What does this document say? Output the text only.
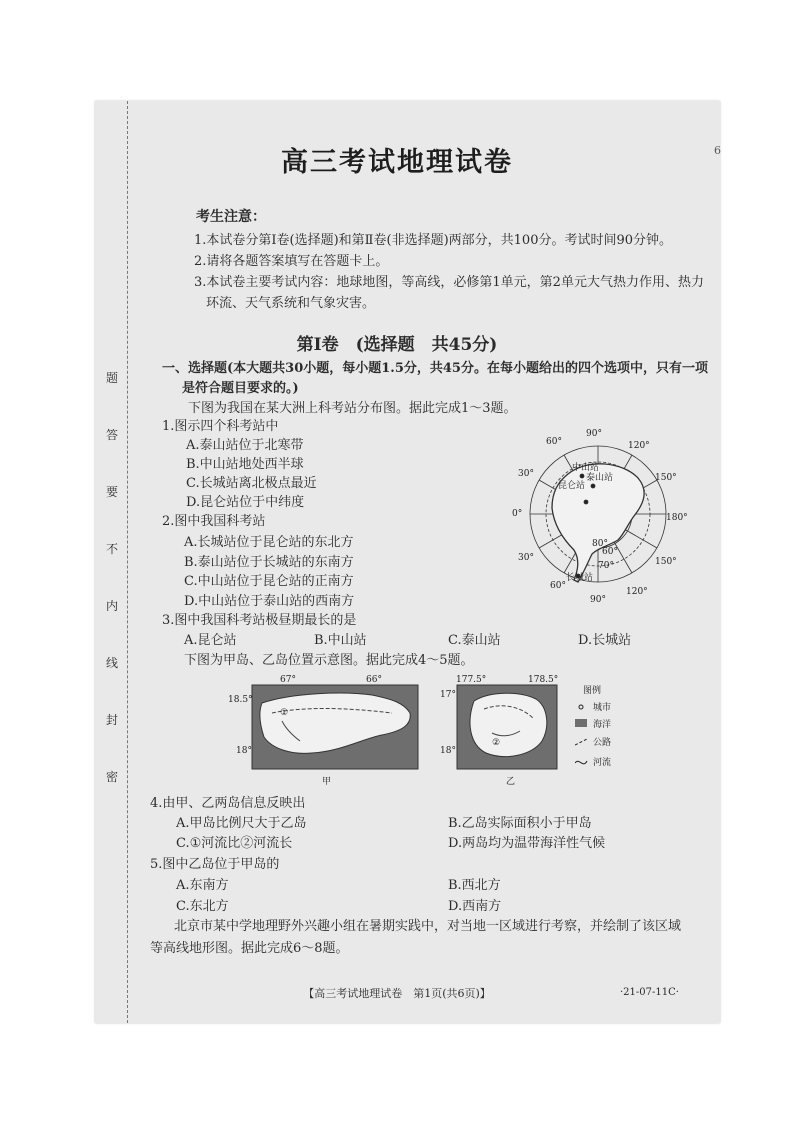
题
答
要
不
内
线
封
密
6
高三考试地理试卷
考生注意：
1.本试卷分第Ⅰ卷(选择题)和第Ⅱ卷(非选择题)两部分，共100分。考试时间90分钟。
2.请将各题答案填写在答题卡上。
3.本试卷主要考试内容：地球地图，等高线，必修第1单元，第2单元大气热力作用、热力
环流、天气系统和气象灾害。
第Ⅰ卷　(选择题　共45分)
一、选择题(本大题共30小题，每小题1.5分，共45分。在每小题给出的四个选项中，只有一项
是符合题目要求的。)
下图为我国在某大洲上科考站分布图。据此完成1～3题。
1.图示四个科考站中
A.泰山站位于北寒带
B.中山站地处西半球
C.长城站离北极点最近
D.昆仑站位于中纬度
2.图中我国科考站
A.长城站位于昆仑站的东北方
B.泰山站位于长城站的东南方
C.中山站位于昆仑站的正南方
D.中山站位于泰山站的西南方
3.图中我国科考站极昼期最长的是
A.昆仑站	B.中山站	C.泰山站	D.长城站
90°
120°
150°
180°
150°
120°
90°
60°
30°
0°
30°
60°
60°
70°
80°
中山站
泰山站
昆仑站
长城站
下图为甲岛、乙岛位置示意图。据此完成4～5题。
67°	66°
18.5°
18°
①
甲
177.5°	178.5°
17°
18°
②
乙
图例
城市
海洋
公路
河流
4.由甲、乙两岛信息反映出
A.甲岛比例尺大于乙岛	B.乙岛实际面积小于甲岛
C.①河流比②河流长	D.两岛均为温带海洋性气候
5.图中乙岛位于甲岛的
A.东南方	B.西北方
C.东北方	D.西南方
北京市某中学地理野外兴趣小组在暑期实践中，对当地一区域进行考察，并绘制了该区域
等高线地形图。据此完成6～8题。
【高三考试地理试卷　第1页(共6页)】	·21-07-11C·
